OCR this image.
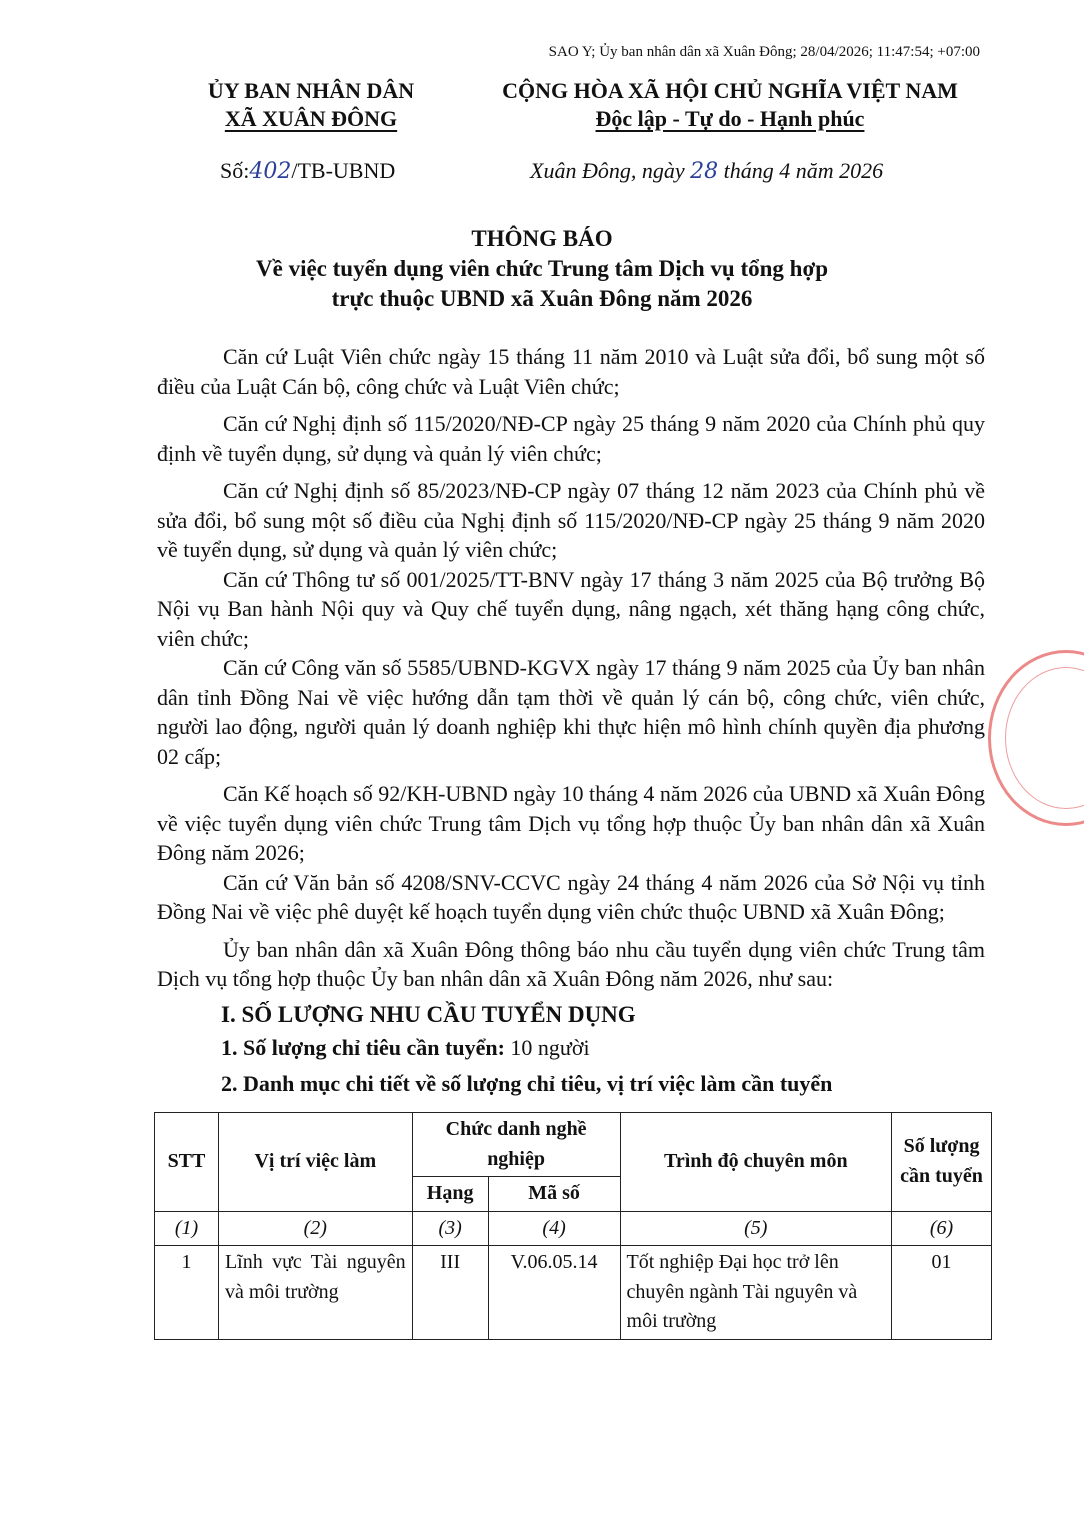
SAO Y; Ủy ban nhân dân xã Xuân Đông; 28/04/2026; 11:47:54; +07:00
ỦY BAN NHÂN DÂN
XÃ XUÂN ĐÔNG
CỘNG HÒA XÃ HỘI CHỦ NGHĨA VIỆT NAM
Độc lập - Tự do - Hạnh phúc
Số:402/TB-UBND	Xuân Đông, ngày 28 tháng 4 năm 2026
THÔNG BÁO
Về việc tuyển dụng viên chức Trung tâm Dịch vụ tổng hợp
trực thuộc UBND xã Xuân Đông năm 2026

Căn cứ Luật Viên chức ngày 15 tháng 11 năm 2010 và Luật sửa đổi, bổ sung một số điều của Luật Cán bộ, công chức và Luật Viên chức;

Căn cứ Nghị định số 115/2020/NĐ-CP ngày 25 tháng 9 năm 2020 của Chính phủ quy định về tuyển dụng, sử dụng và quản lý viên chức;

Căn cứ Nghị định số 85/2023/NĐ-CP ngày 07 tháng 12 năm 2023 của Chính phủ về sửa đổi, bổ sung một số điều của Nghị định số 115/2020/NĐ-CP ngày 25 tháng 9 năm 2020 về tuyển dụng, sử dụng và quản lý viên chức;

Căn cứ Thông tư số 001/2025/TT-BNV ngày 17 tháng 3 năm 2025 của Bộ trưởng Bộ Nội vụ Ban hành Nội quy và Quy chế tuyển dụng, nâng ngạch, xét thăng hạng công chức, viên chức;

Căn cứ Công văn số 5585/UBND-KGVX ngày 17 tháng 9 năm 2025 của Ủy ban nhân dân tỉnh Đồng Nai về việc hướng dẫn tạm thời về quản lý cán bộ, công chức, viên chức, người lao động, người quản lý doanh nghiệp khi thực hiện mô hình chính quyền địa phương 02 cấp;

Căn Kế hoạch số 92/KH-UBND ngày 10 tháng 4 năm 2026 của UBND xã Xuân Đông về việc tuyển dụng viên chức Trung tâm Dịch vụ tổng hợp thuộc Ủy ban nhân dân xã Xuân Đông năm 2026;

Căn cứ Văn bản số 4208/SNV-CCVC ngày 24 tháng 4 năm 2026 của Sở Nội vụ tỉnh Đồng Nai về việc phê duyệt kế hoạch tuyển dụng viên chức thuộc UBND xã Xuân Đông;

Ủy ban nhân dân xã Xuân Đông thông báo nhu cầu tuyển dụng viên chức Trung tâm Dịch vụ tổng hợp thuộc Ủy ban nhân dân xã Xuân Đông năm 2026, như sau:

I. SỐ LƯỢNG NHU CẦU TUYỂN DỤNG
1. Số lượng chỉ tiêu cần tuyển: 10 người
2. Danh mục chi tiết về số lượng chỉ tiêu, vị trí việc làm cần tuyển
STT	Vị trí việc làm	Chức danh nghề nghiệp		Trình độ chuyên môn	Số lượng cần tuyển
		Hạng	Mã số		
(1)	(2)	(3)	(4)	(5)	(6)
1	Lĩnh vực Tài nguyên và môi trường	III	V.06.05.14	Tốt nghiệp Đại học trở lên chuyên ngành Tài nguyên và môi trường	01
